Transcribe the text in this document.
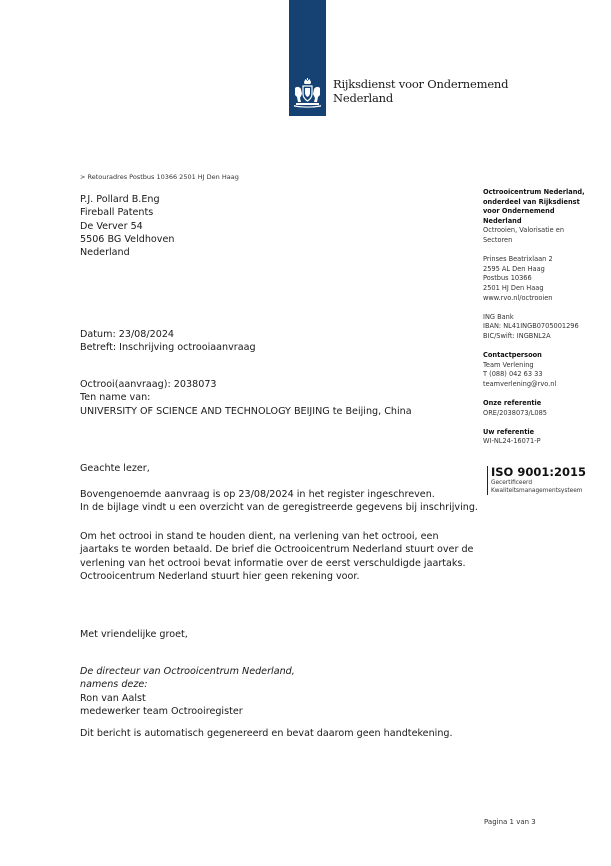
Rijksdienst voor Ondernemend
Nederland
> Retouradres Postbus 10366 2501 HJ Den Haag
P.J. Pollard B.Eng
Fireball Patents
De Verver 54
5506 BG Veldhoven
Nederland
Datum: 23/08/2024
Betreft: Inschrijving octrooiaanvraag
Octrooi(aanvraag): 2038073
Ten name van:
UNIVERSITY OF SCIENCE AND TECHNOLOGY BEIJING te Beijing, China
Geachte lezer,
Bovengenoemde aanvraag is op 23/08/2024 in het register ingeschreven.
In de bijlage vindt u een overzicht van de geregistreerde gegevens bij inschrijving.
Om het octrooi in stand te houden dient, na verlening van het octrooi, een
jaartaks te worden betaald. De brief die Octrooicentrum Nederland stuurt over de
verlening van het octrooi bevat informatie over de eerst verschuldigde jaartaks.
Octrooicentrum Nederland stuurt hier geen rekening voor.
Met vriendelijke groet,
De directeur van Octrooicentrum Nederland,
namens deze:
Ron van Aalst
medewerker team Octrooiregister
Dit bericht is automatisch gegenereerd en bevat daarom geen handtekening.
Octrooicentrum Nederland,
onderdeel van Rijksdienst
voor Ondernemend
Nederland
Octrooien, Valorisatie en
Sectoren
Prinses Beatrixlaan 2
2595 AL Den Haag
Postbus 10366
2501 HJ Den Haag
www.rvo.nl/octrooien
ING Bank
IBAN: NL41INGB0705001296
BIC/Swift: INGBNL2A
Contactpersoon
Team Verlening
T (088) 042 63 33
teamverlening@rvo.nl
Onze referentie
ORE/2038073/L085
Uw referentie
WI-NL24-16071-P
ISO 9001:2015
Gecertificeerd
Kwaliteitsmanagementsysteem
Pagina 1 van 3
